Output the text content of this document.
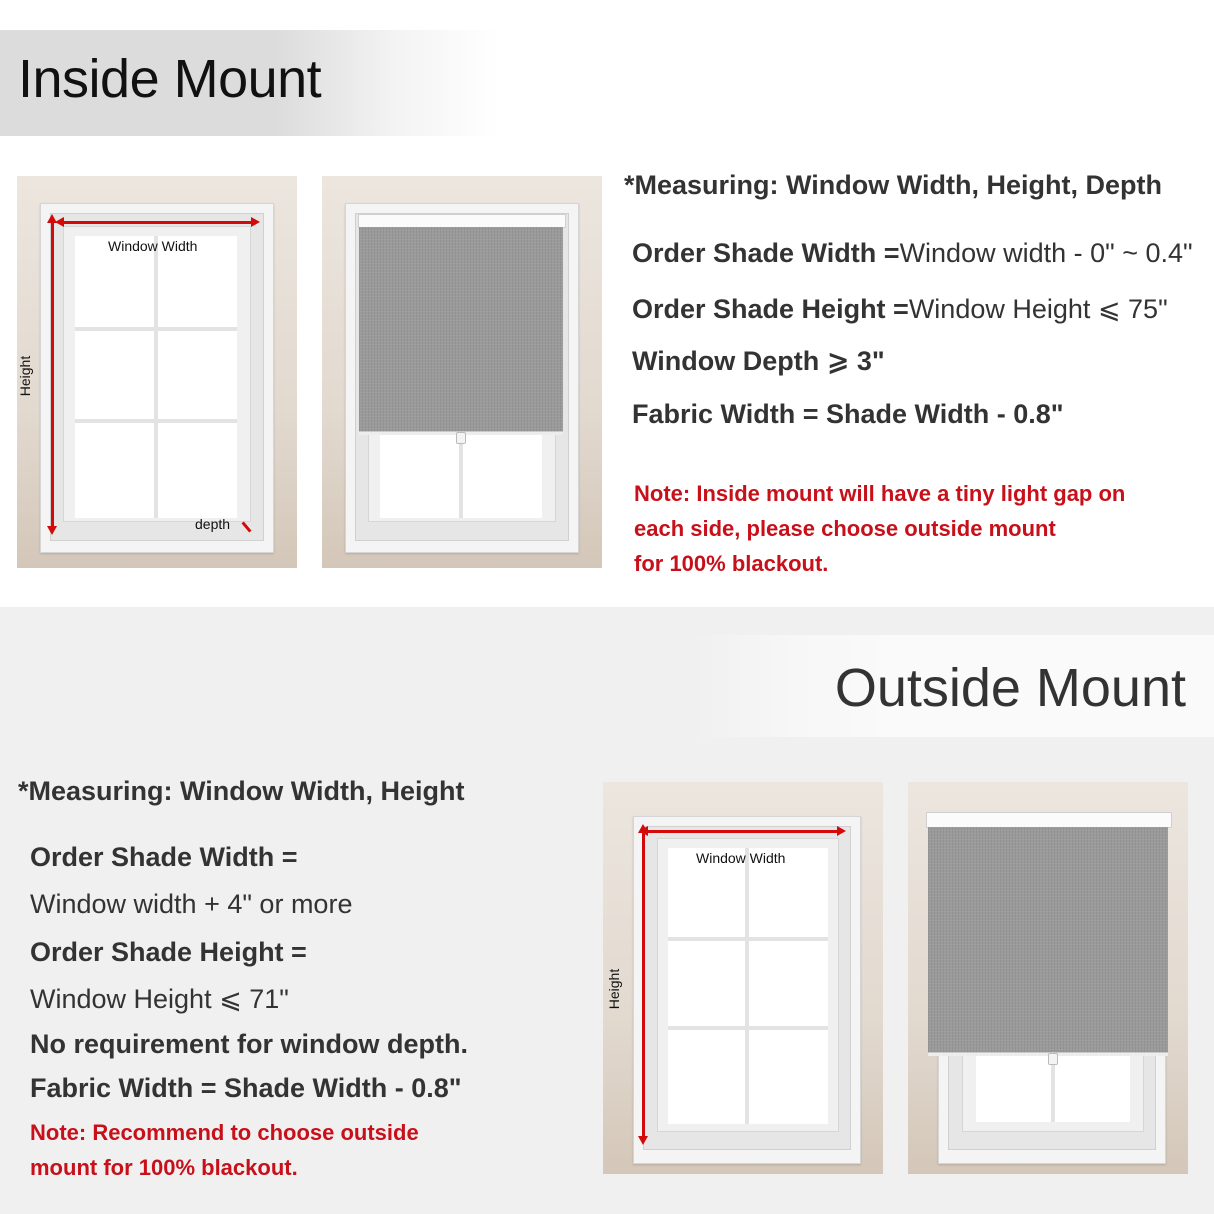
Inside Mount
Window Width
Height
depth
*Measuring: Window Width, Height, Depth
Order Shade Width =Window width - 0" ~ 0.4"
Order Shade Height =Window Height ⩽ 75"
Window Depth ⩾ 3"
Fabric Width = Shade Width - 0.8"
Note: Inside mount will have a tiny light gap on
each side, please choose outside mount
for 100% blackout.
Outside Mount
*Measuring: Window Width, Height
Order Shade Width =
Window width + 4" or more
Order Shade Height =
Window Height ⩽ 71"
No requirement for window depth.
Fabric Width = Shade Width - 0.8"
Note: Recommend to choose outside
mount for 100% blackout.
Window Width
Height
